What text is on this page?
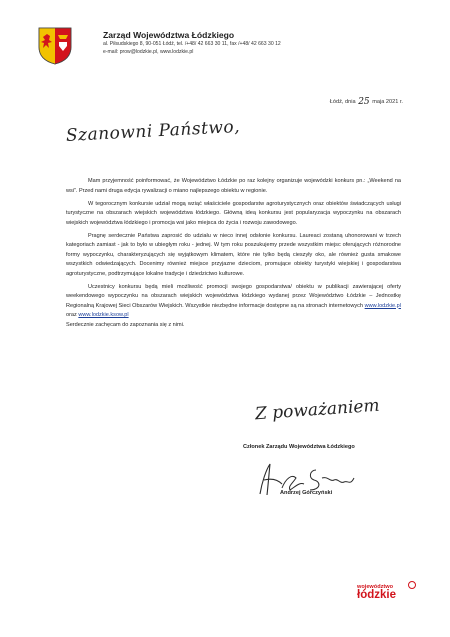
Zarząd Województwa Łódzkiego
al. Piłsudskiego 8, 90-051 Łódź, tel. /+48/ 42 663 30 11, fax /+48/ 42 663 30 12
e-mail: prow@lodzkie.pl, www.lodzkie.pl
Łódź, dnia 25 maja 2021 r.
Szanowni Państwo,

Mam przyjemność poinformować, że Województwo Łódzkie po raz kolejny organizuje wojewódzki konkurs pn.: „Weekend na wsi”. Przed nami druga edycja rywalizacji o miano najlepszego obiektu w regionie.

W tegorocznym konkursie udział mogą wziąć właściciele gospodarstw agroturystycznych oraz obiektów świadczących usługi turystyczne na obszarach wiejskich województwa łódzkiego. Główną ideą konkursu jest popularyzacja wypoczynku na obszarach wiejskich województwa łódzkiego i promocja wsi jako miejsca do życia i rozwoju zawodowego.

Pragnę serdecznie Państwa zaprosić do udziału w nieco innej odsłonie konkursu. Laureaci zostaną uhonorowani w trzech kategoriach zamiast - jak to było w ubiegłym roku - jednej. W tym roku poszukujemy przede wszystkim miejsc oferujących różnorodne formy wypoczynku, charakteryzujących się wyjątkowym klimatem, które nie tylko będą cieszyły oko, ale również gusta smakowe wszystkich odwiedzających. Docenimy również miejsce przyjazne dzieciom, promujące obiekty turystyki wiejskiej i gospodarstwa agroturystyczne, podtrzymujące lokalne tradycje i dziedzictwo kulturowe.

Uczestnicy konkursu będą mieli możliwość promocji swojego gospodarstwa/ obiektu w publikacji zawierającej oferty weekendowego wypoczynku na obszarach wiejskich województwa łódzkiego wydanej przez Województwo Łódzkie – Jednostkę Regionalną Krajowej Sieci Obszarów Wiejskich. Wszystkie niezbędne informacje dostępne są na stronach internetowych www.lodzkie.pl oraz www.lodzkie.ksow.pl
Serdecznie zachęcam do zapoznania się z nimi.

Z poważaniem
Członek Zarządu Województwa Łódzkiego
Andrzej Górczyński
województwo
łódzkie
